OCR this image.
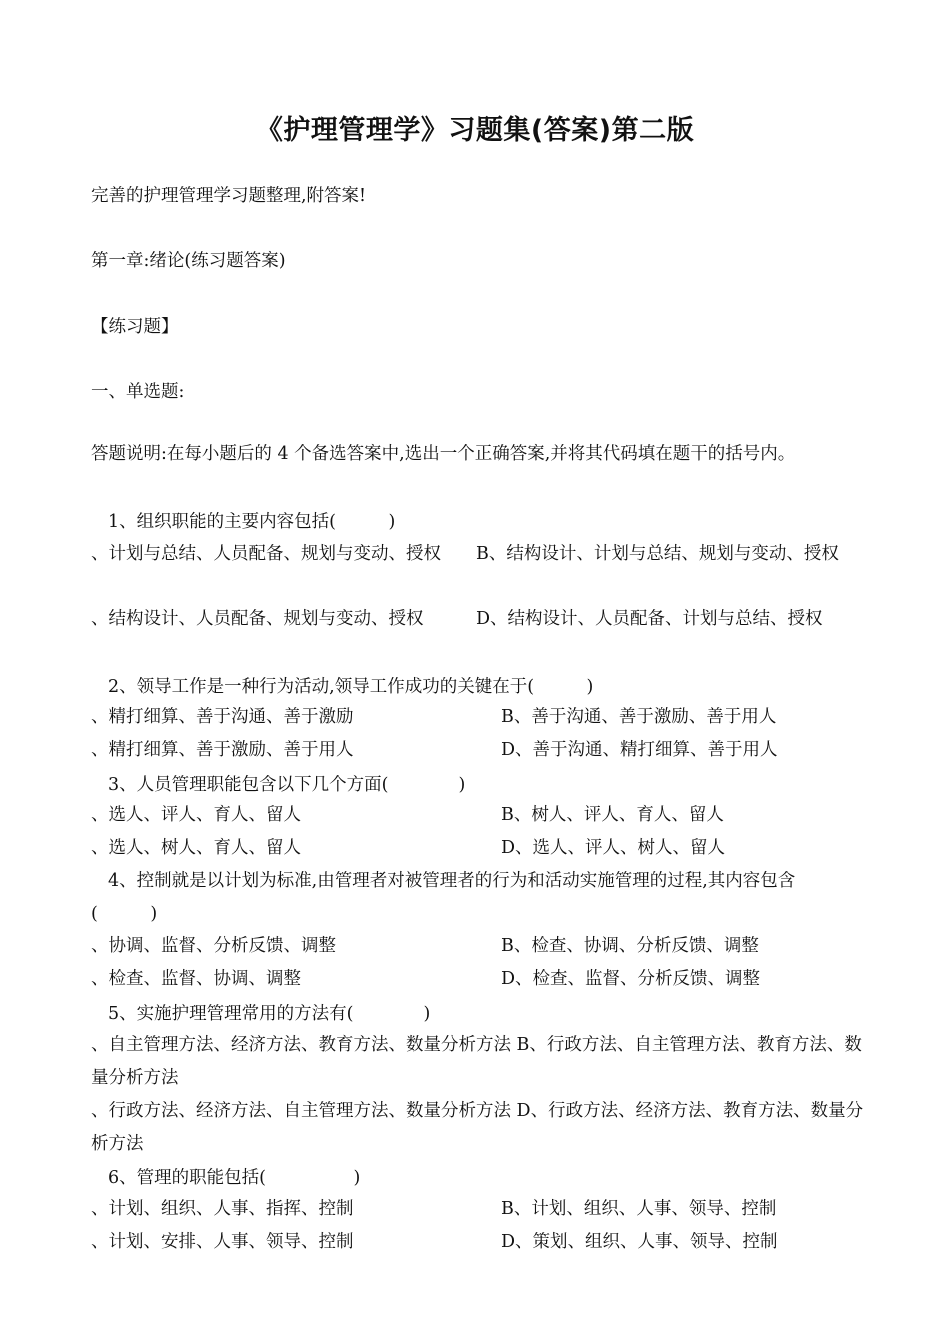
《护理管理学》习题集(答案)第二版
完善的护理管理学习题整理,附答案!
第一章:绪论(练习题答案)
【练习题】
一、单选题:
答题说明:在每小题后的 4 个备选答案中,选出一个正确答案,并将其代码填在题干的括号内。
1、组织职能的主要内容包括(　　　)
、计划与总结、人员配备、规划与变动、授权　　B、结构设计、计划与总结、规划与变动、授权
、结构设计、人员配备、规划与变动、授权　　　D、结构设计、人员配备、计划与总结、授权
2、领导工作是一种行为活动,领导工作成功的关键在于(　　　)
、精打细算、善于沟通、善于激励	B、善于沟通、善于激励、善于用人
、精打细算、善于激励、善于用人	D、善于沟通、精打细算、善于用人
3、人员管理职能包含以下几个方面(　　　　)
、选人、评人、育人、留人	B、树人、评人、育人、留人
、选人、树人、育人、留人	D、选人、评人、树人、留人
4、控制就是以计划为标准,由管理者对被管理者的行为和活动实施管理的过程,其内容包含(　　　)
、协调、监督、分析反馈、调整	B、检查、协调、分析反馈、调整
、检查、监督、协调、调整	D、检查、监督、分析反馈、调整
5、实施护理管理常用的方法有(　　　　)
、自主管理方法、经济方法、教育方法、数量分析方法 B、行政方法、自主管理方法、教育方法、数量分析方法
、行政方法、经济方法、自主管理方法、数量分析方法 D、行政方法、经济方法、教育方法、数量分析方法
6、管理的职能包括(　　　　　)
、计划、组织、人事、指挥、控制	B、计划、组织、人事、领导、控制
、计划、安排、人事、领导、控制	D、策划、组织、人事、领导、控制
